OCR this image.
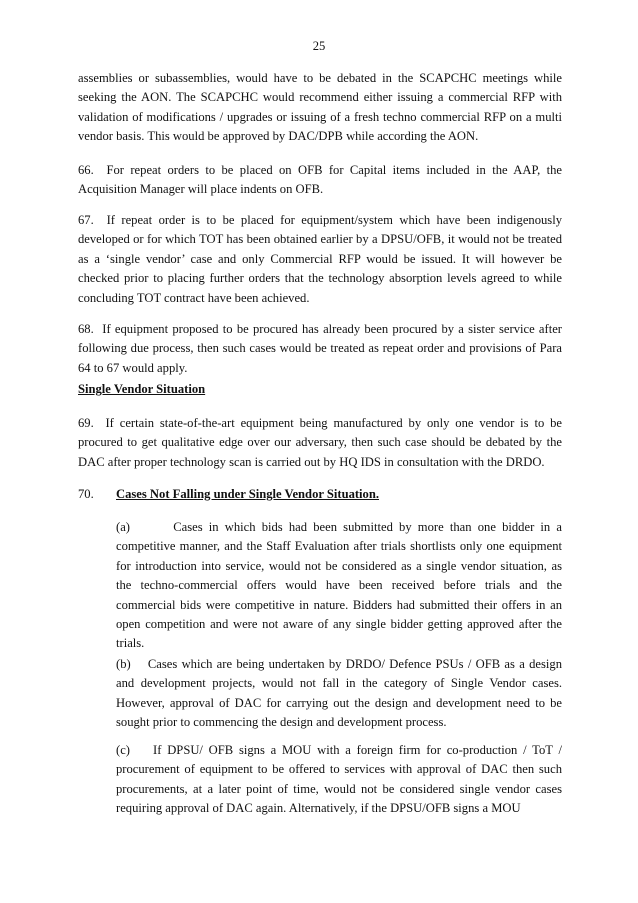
25

assemblies or subassemblies, would have to be debated in the SCAPCHC meetings while seeking the AON. The SCAPCHC would recommend either issuing a commercial RFP with validation of modifications / upgrades or issuing of a fresh techno commercial RFP on a multi vendor basis. This would be approved by DAC/DPB while according the AON.

66.  For repeat orders to be placed on OFB for Capital items included in the AAP, the Acquisition Manager will place indents on OFB.

67.  If repeat order is to be placed for equipment/system which have been indigenously developed or for which TOT has been obtained earlier by a DPSU/OFB, it would not be treated as a ‘single vendor’ case and only Commercial RFP would be issued. It will however be checked prior to placing further orders that the technology absorption levels agreed to while concluding TOT contract have been achieved.

68.  If equipment proposed to be procured has already been procured by a sister service after following due process, then such cases would be treated as repeat order and provisions of Para 64 to 67 would apply.

Single Vendor Situation

69.  If certain state-of-the-art equipment being manufactured by only one vendor is to be procured to get qualitative edge over our adversary, then such case should be debated by the DAC after proper technology scan is carried out by HQ IDS in consultation with the DRDO.

70. Cases Not Falling under Single Vendor Situation.

(a)       Cases in which bids had been submitted by more than one bidder in a competitive manner, and the Staff Evaluation after trials shortlists only one equipment for introduction into service, would not be considered as a single vendor situation, as the techno-commercial offers would have been received before trials and the commercial bids were competitive in nature. Bidders had submitted their offers in an open competition and were not aware of any single bidder getting approved after the trials.

(b)    Cases which are being undertaken by DRDO/ Defence PSUs / OFB as a design and development projects, would not fall in the category of Single Vendor cases. However, approval of DAC for carrying out the design and development need to be sought prior to commencing the design and development process.

(c)    If DPSU/ OFB signs a MOU with a foreign firm for co-production / ToT / procurement of equipment to be offered to services with approval of DAC then such procurements, at a later point of time, would not be considered single vendor cases requiring approval of DAC again. Alternatively, if the DPSU/OFB signs a MOU
